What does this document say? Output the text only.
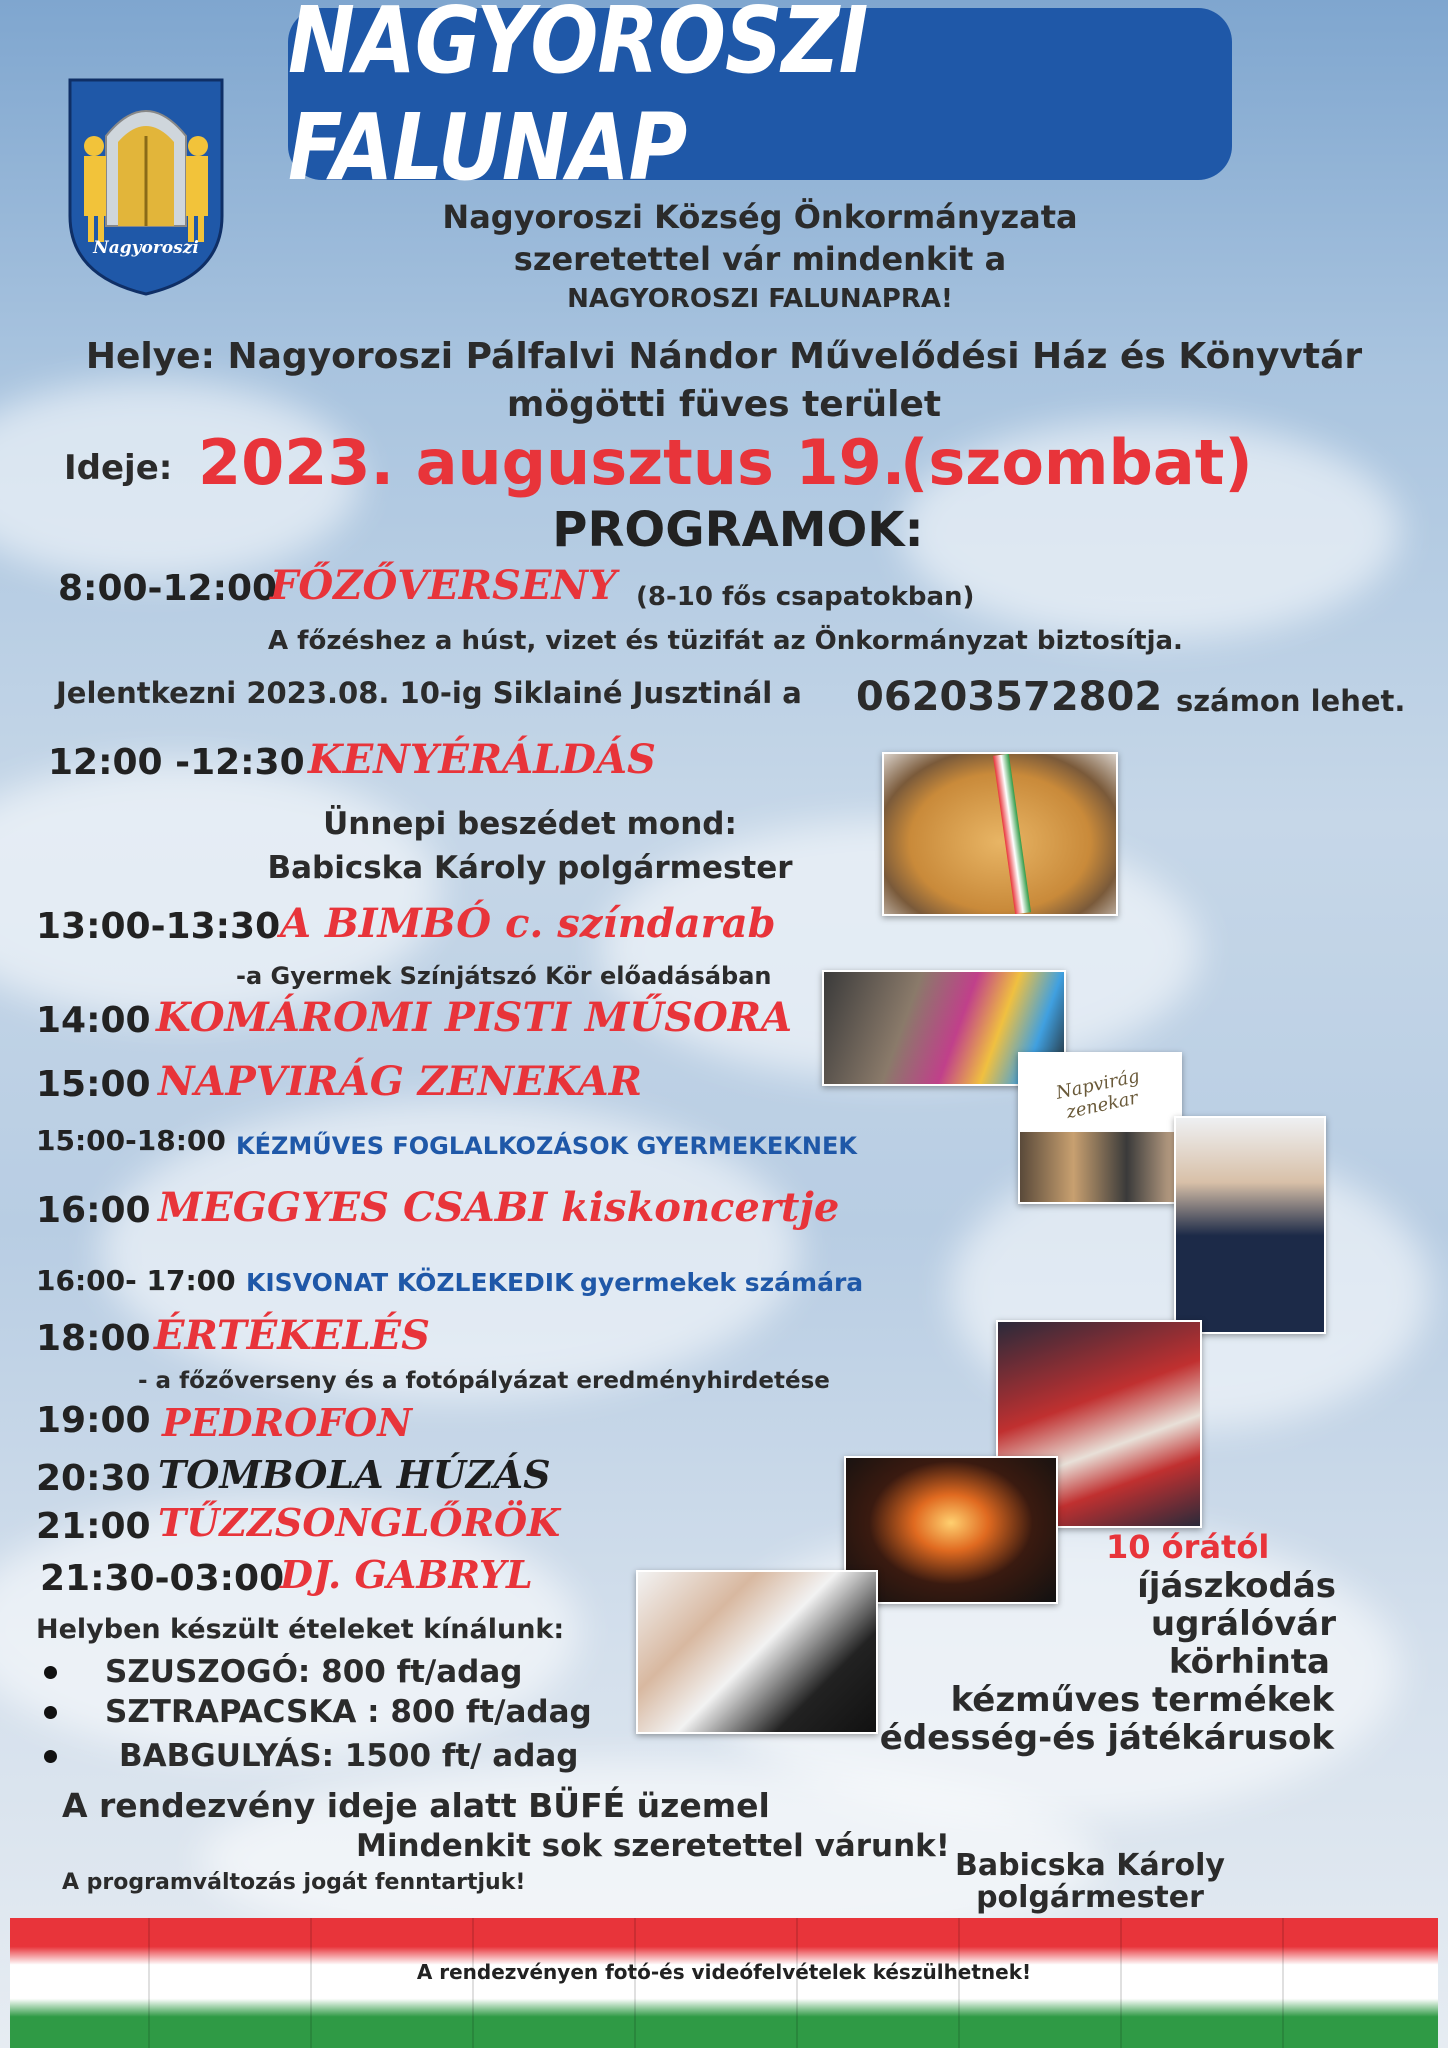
Nagyoroszi
NAGYOROSZI FALUNAP
Nagyoroszi Község Önkormányzata
szeretettel vár mindenkit a
NAGYOROSZI FALUNAPRA!
Helye: Nagyoroszi Pálfalvi Nándor Művelődési Ház és Könyvtár
mögötti füves terület
Ideje: 2023. augusztus 19.
(szombat)
PROGRAMOK:
8:00-12:00
FŐZŐVERSENY (8-10 fős csapatokban)
A főzéshez a húst, vizet és tüzifát az Önkormányzat biztosítja.
Jelentkezni 2023.08. 10-ig Siklainé Jusztinál a 06203572802 számon lehet.
12:00 -12:30 KENYÉRÁLDÁS
Ünnepi beszédet mond:
Babicska Károly polgármester
13:00-13:30 A BIMBÓ c. színdarab
-a Gyermek Színjátszó Kör előadásában
14:00 KOMÁROMI PISTI MŰSORA
15:00 NAPVIRÁG ZENEKAR	Napvirág zenekar
15:00-18:00 KÉZMŰVES FOGLALKOZÁSOK GYERMEKEKNEK
16:00 MEGGYES CSABI kiskoncertje
16:00- 17:00 KISVONAT KÖZLEKEDIK gyermekek számára
18:00 ÉRTÉKELÉS
- a főzőverseny és a fotópályázat eredményhirdetése
19:00 PEDROFON
20:30 TOMBOLA HÚZÁS
21:00 TŰZZSONGLŐRÖK
21:30-03:00
DJ. GABRYL
10 órától
íjászkodás
ugrálóvár
körhinta
kézműves termékek
édesség-és játékárusok
Helyben készült ételeket kínálunk:
SZUSZOGÓ: 800 ft/adag
SZTRAPACSKA : 800 ft/adag
BABGULYÁS: 1500 ft/ adag
A rendezvény ideje alatt BÜFÉ üzemel
Mindenkit sok szeretettel várunk!
A programváltozás jogát fenntartjuk!	Babicska Károly
polgármester
A rendezvényen fotó-és videófelvételek készülhetnek!
